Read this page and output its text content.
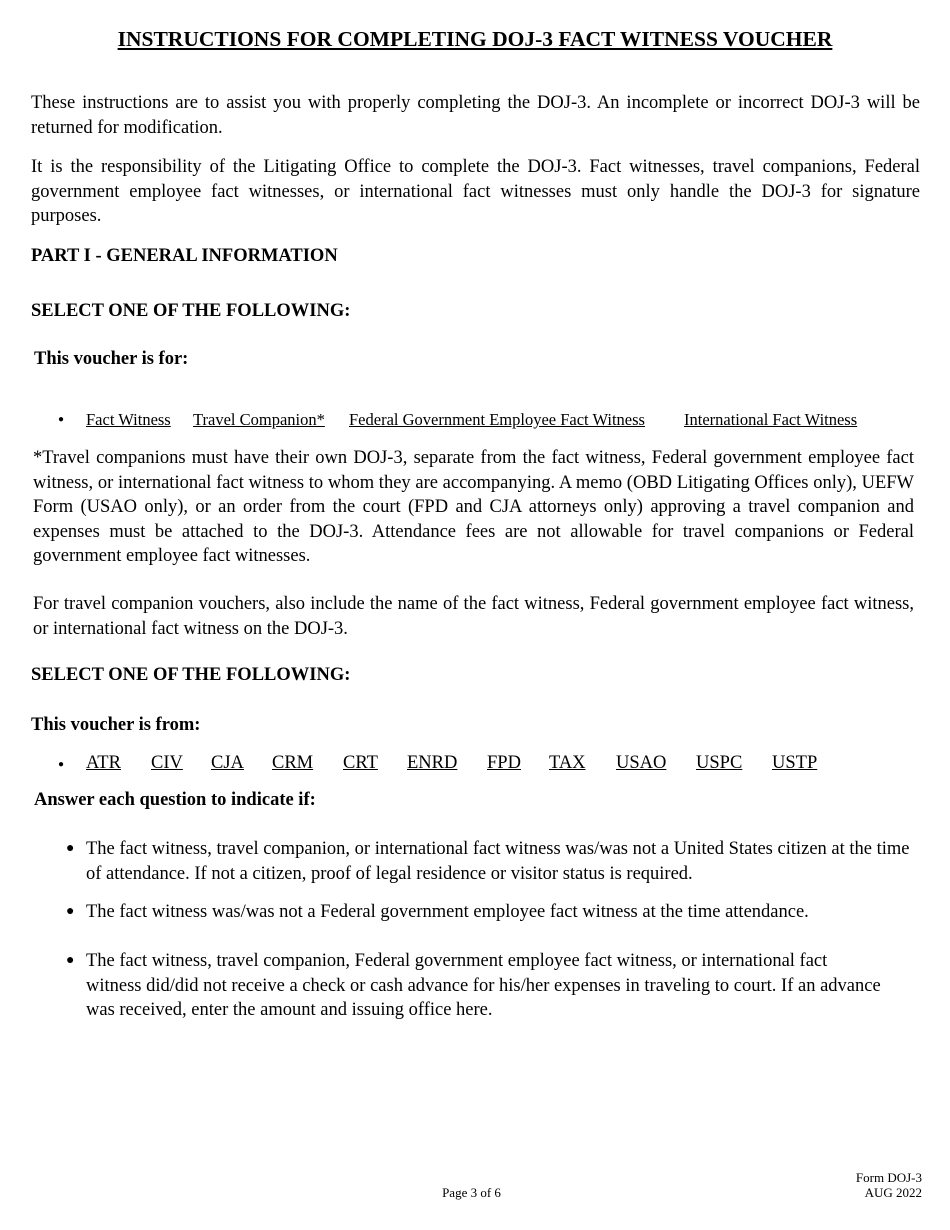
INSTRUCTIONS FOR COMPLETING DOJ-3 FACT WITNESS VOUCHER
These instructions are to assist you with properly completing the DOJ-3. An incomplete or incorrect DOJ-3 will be returned for modification.
It is the responsibility of the Litigating Office to complete the DOJ-3. Fact witnesses, travel companions, Federal government employee fact witnesses, or international fact witnesses must only handle the DOJ-3 for signature purposes.
PART I - GENERAL INFORMATION
SELECT ONE OF THE FOLLOWING:
This voucher is for:
● Fact Witness Travel Companion* Federal Government Employee Fact Witness International Fact Witness
*Travel companions must have their own DOJ-3, separate from the fact witness, Federal government employee fact witness, or international fact witness to whom they are accompanying. A memo (OBD Litigating Offices only), UEFW Form (USAO only), or an order from the court (FPD and CJA attorneys only) approving a travel companion and expenses must be attached to the DOJ-3. Attendance fees are not allowable for travel companions or Federal government employee fact witnesses.
For travel companion vouchers, also include the name of the fact witness, Federal government employee fact witness, or international fact witness on the DOJ-3.
SELECT ONE OF THE FOLLOWING:
This voucher is from:
● ATR CIV CJA CRM CRT ENRD FPD TAX USAO USPC USTP
Answer each question to indicate if:
● The fact witness, travel companion, or international fact witness was/was not a United States citizen at the time of attendance. If not a citizen, proof of legal residence or visitor status is required.
● The fact witness was/was not a Federal government employee fact witness at the time attendance.
● The fact witness, travel companion, Federal government employee fact witness, or international fact witness did/did not receive a check or cash advance for his/her expenses in traveling to court. If an advance was received, enter the amount and issuing office here.
Page 3 of 6
Form DOJ-3
AUG 2022
